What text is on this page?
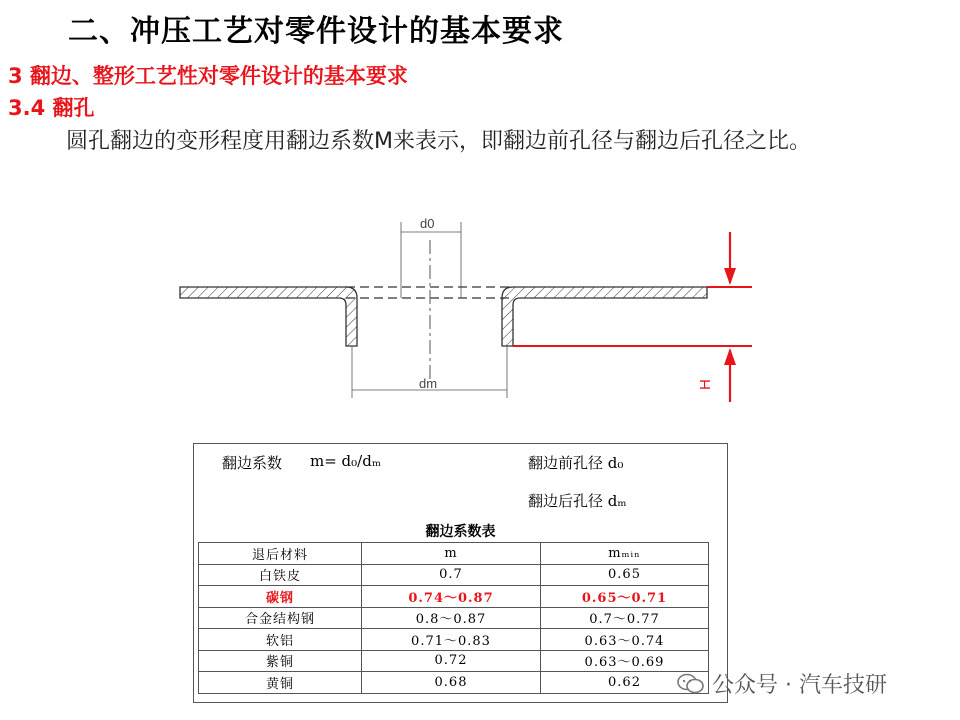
二、冲压工艺对零件设计的基本要求
3 翻边、整形工艺性对零件设计的基本要求
3.4 翻孔
圆孔翻边的变形程度用翻边系数M来表示，即翻边前孔径与翻边后孔径之比。
d0
dm	H
翻边系数 m= d₀/dₘ	翻边前孔径 d₀
翻边后孔径 dₘ
翻边系数表
退后材料	m	mₘᵢₙ
白铁皮	0.7	0.65
碳钢	0.74～0.87	0.65～0.71
合金结构钢	0.8～0.87	0.7～0.77
软铝	0.71～0.83	0.63～0.74
紫铜	0.72	0.63～0.69
黄铜	0.68	0.62	公众号 · 汽车技研
